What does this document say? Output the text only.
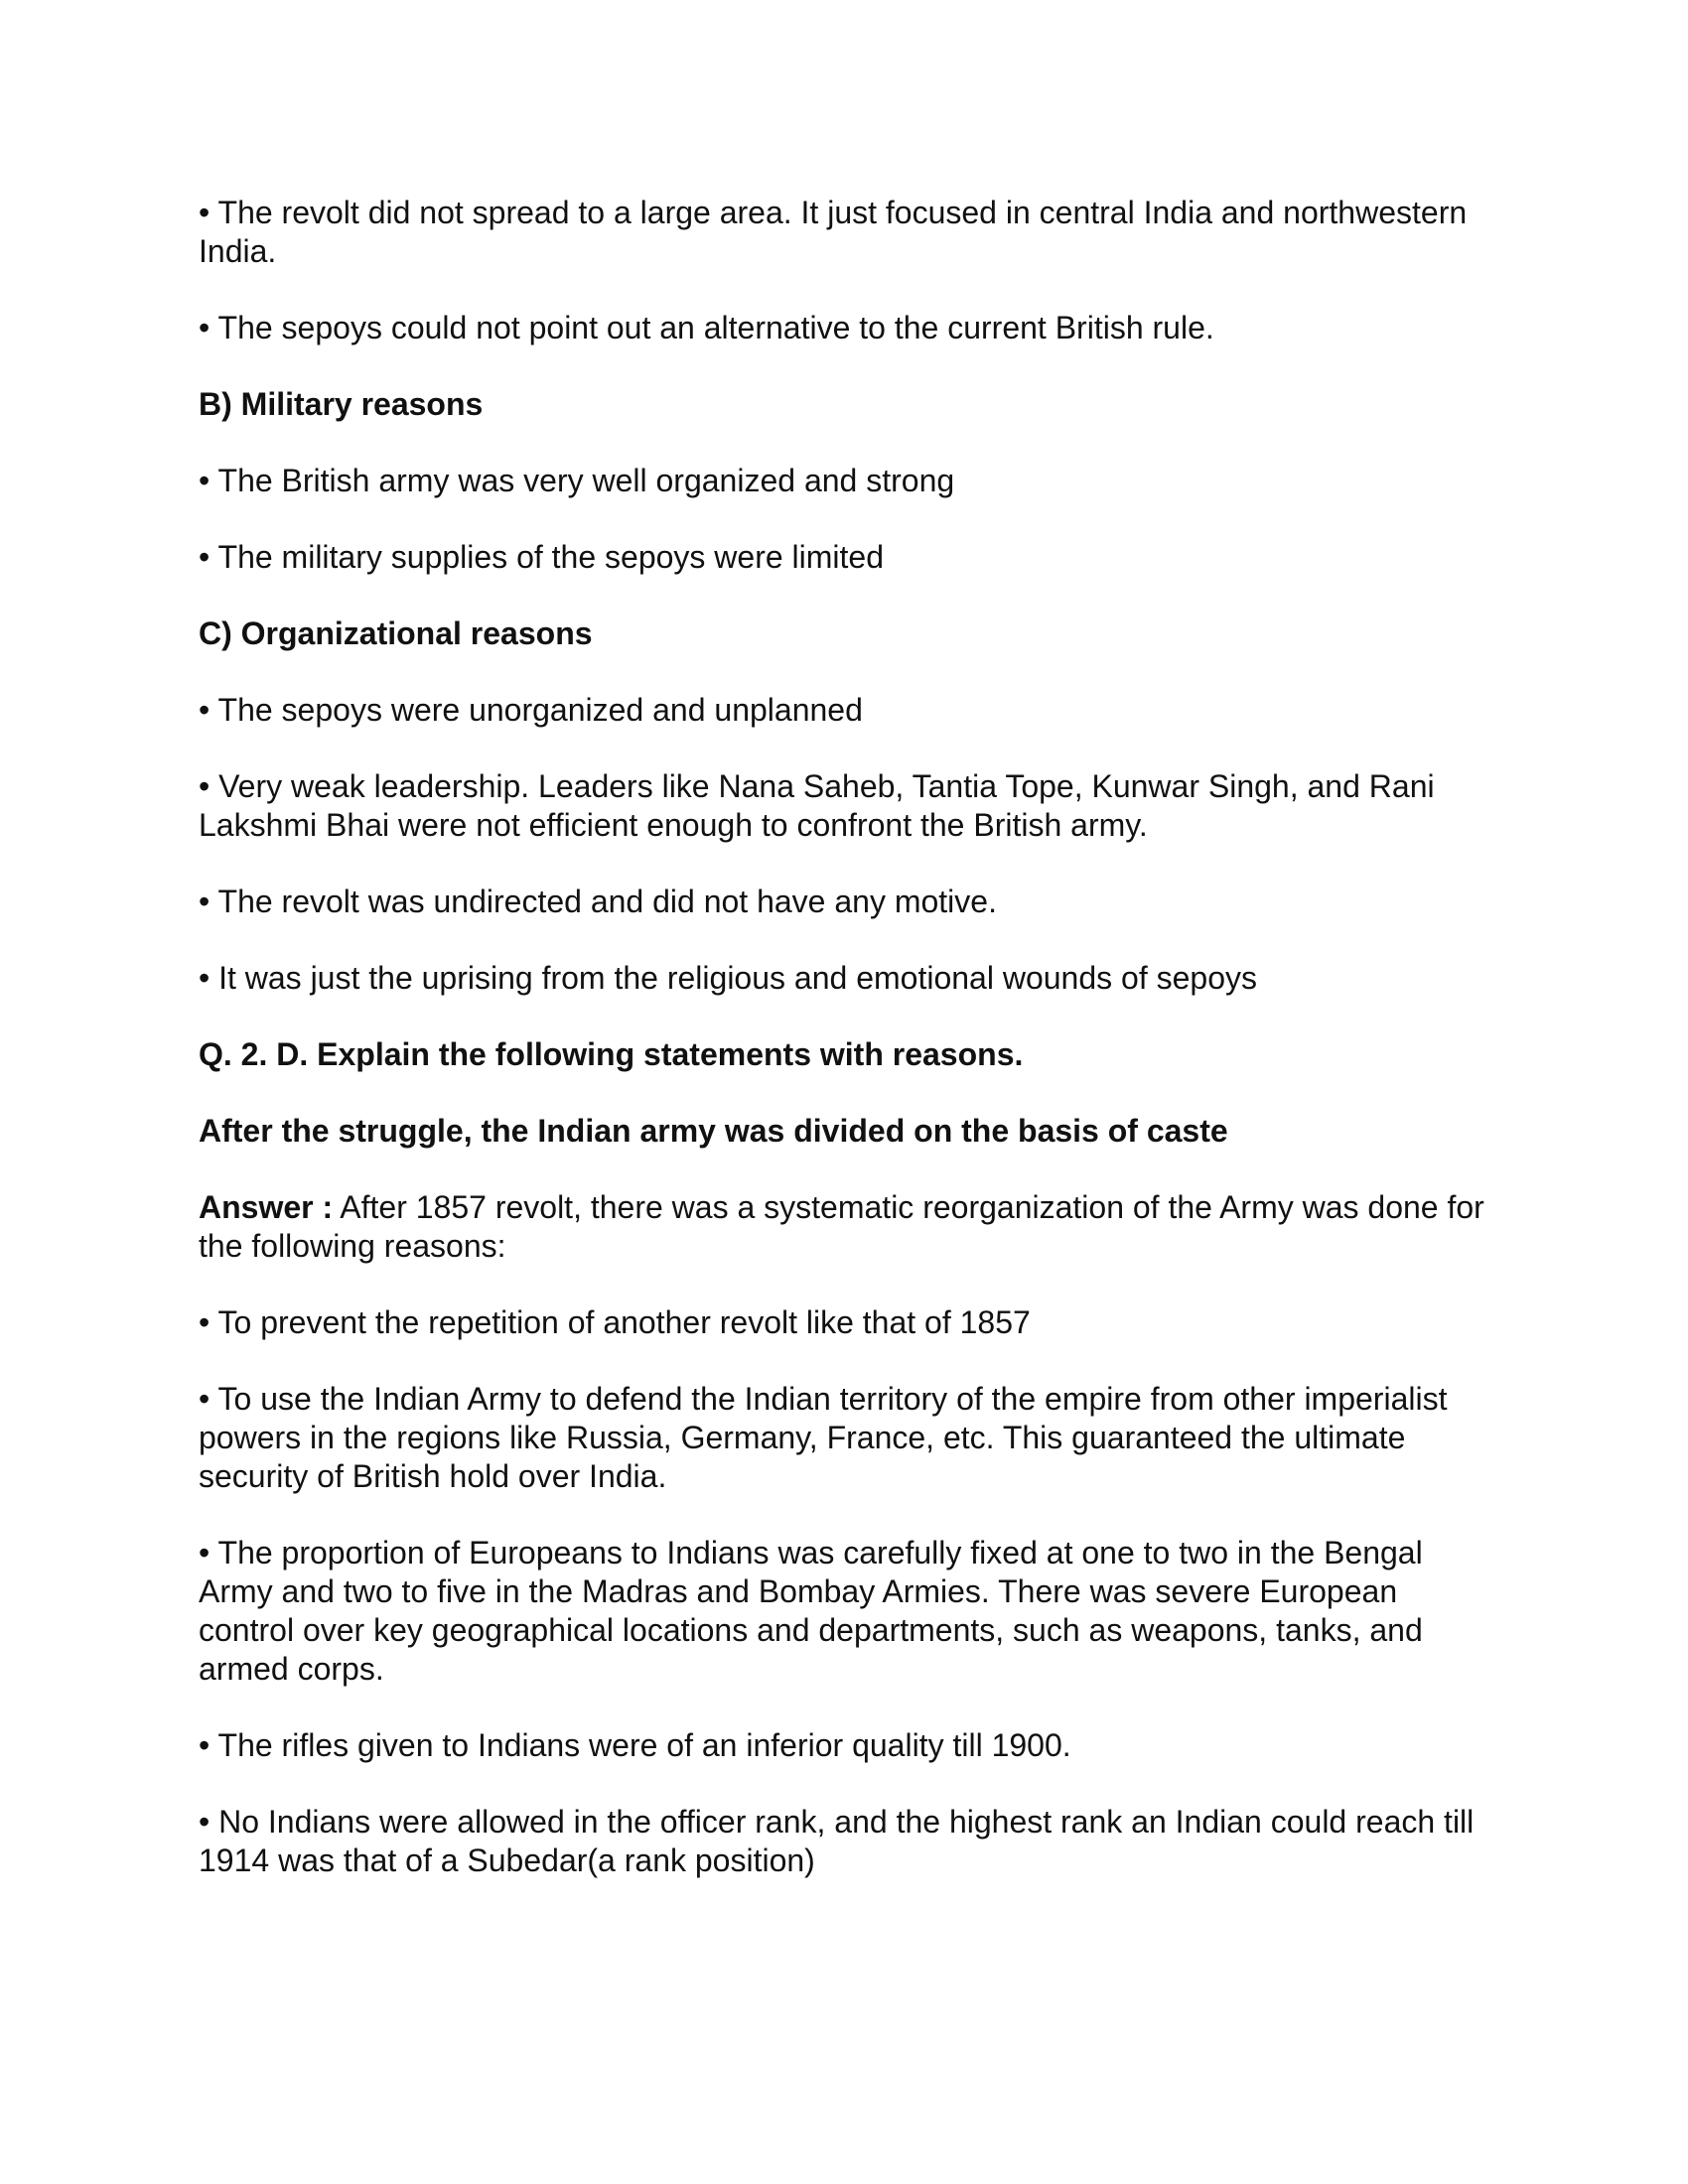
• The revolt did not spread to a large area. It just focused in central India and northwestern India.

• The sepoys could not point out an alternative to the current British rule.

B) Military reasons

• The British army was very well organized and strong

• The military supplies of the sepoys were limited

C) Organizational reasons

• The sepoys were unorganized and unplanned

• Very weak leadership. Leaders like Nana Saheb, Tantia Tope, Kunwar Singh, and Rani Lakshmi Bhai were not efficient enough to confront the British army.

• The revolt was undirected and did not have any motive.

• It was just the uprising from the religious and emotional wounds of sepoys

Q. 2. D. Explain the following statements with reasons.

After the struggle, the Indian army was divided on the basis of caste

Answer : After 1857 revolt, there was a systematic reorganization of the Army was done for the following reasons:

• To prevent the repetition of another revolt like that of 1857

• To use the Indian Army to defend the Indian territory of the empire from other imperialist powers in the regions like Russia, Germany, France, etc. This guaranteed the ultimate security of British hold over India.

• The proportion of Europeans to Indians was carefully fixed at one to two in the Bengal Army and two to five in the Madras and Bombay Armies. There was severe European control over key geographical locations and departments, such as weapons, tanks, and armed corps.

• The rifles given to Indians were of an inferior quality till 1900.

• No Indians were allowed in the officer rank, and the highest rank an Indian could reach till 1914 was that of a Subedar(a rank position)
